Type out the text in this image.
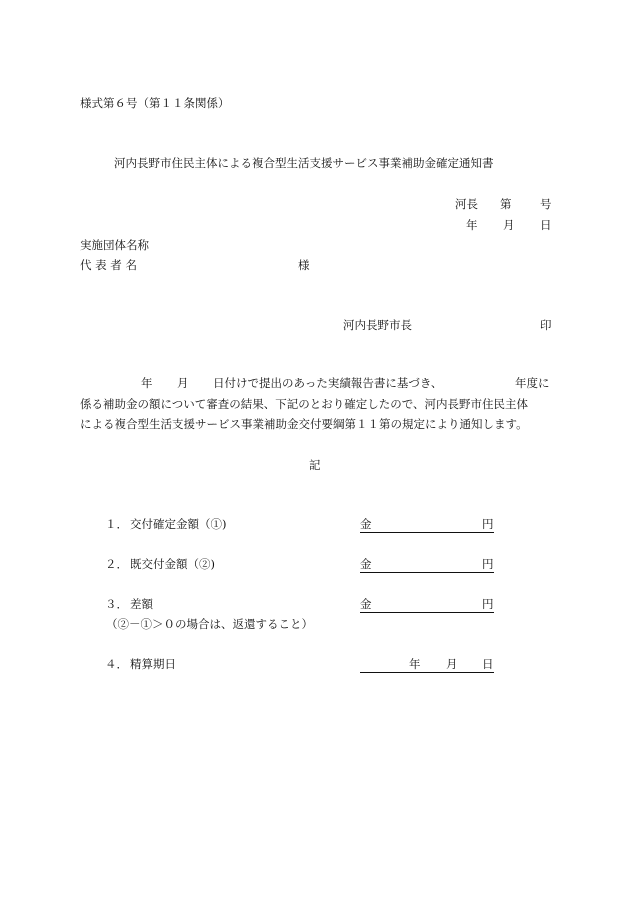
様式第６号（第１１条関係）
河内長野市住民主体による複合型生活支援サービス事業補助金確定通知書
河長 第 号
年 月 日
実施団体名称
代 表 者 名	様
河内長野市長	印
年 月 日付けで提出のあった実績報告書に基づき、	年度に
係る補助金の額について審査の結果、下記のとおり確定したので、河内長野市住民主体
による複合型生活支援サービス事業補助金交付要綱第１１第の規定により通知します。
記
１． 交付確定金額（①)	金	円
２． 既交付金額（②)	金	円
３． 差額	金	円
（②－①＞０の場合は、返還すること）
４． 精算期日	年 月 日
